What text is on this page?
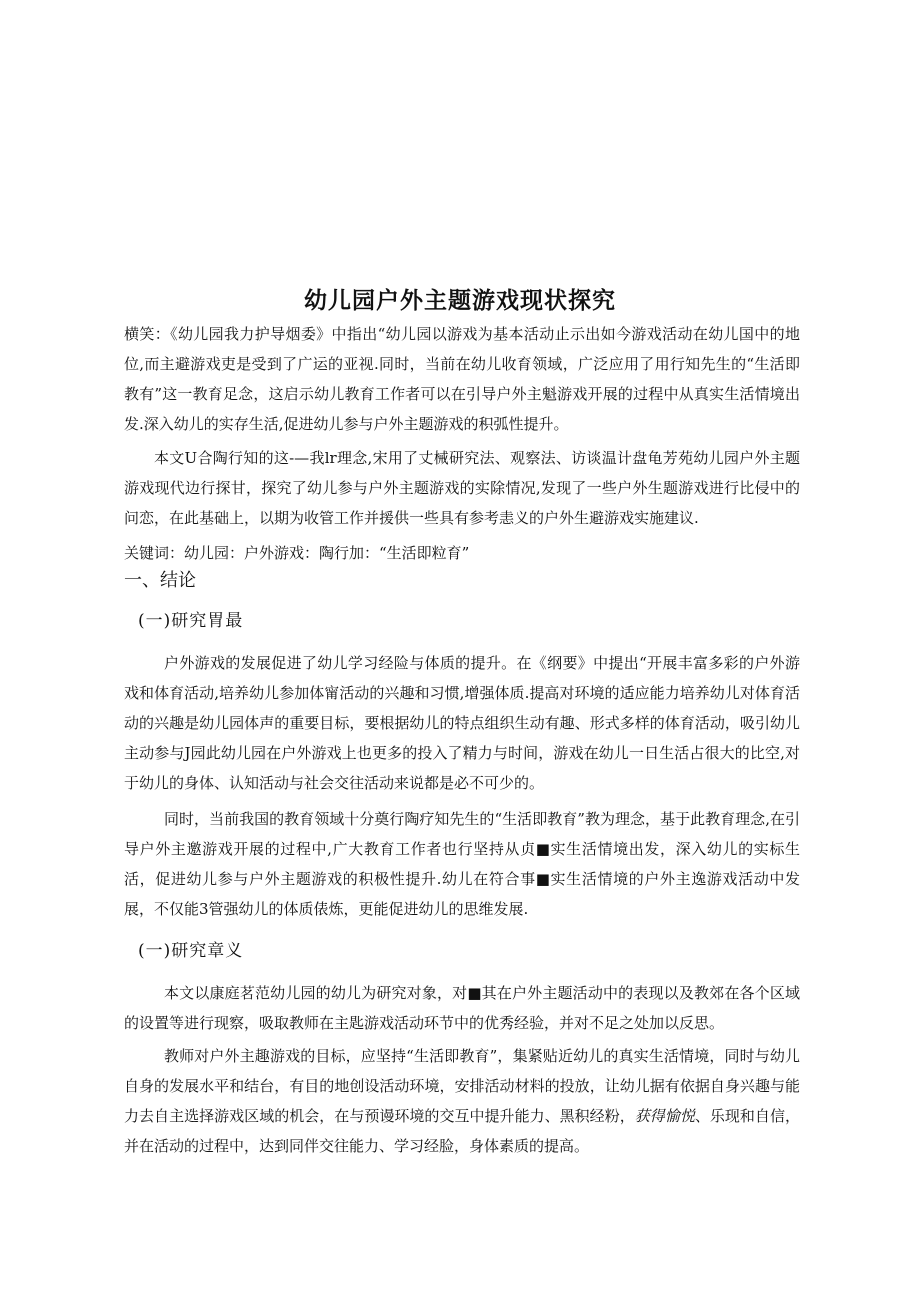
幼儿园户外主题游戏现状探究

横笑：《幼儿园我力护导烟委》中指出“幼儿园以游戏为基本活动止示出如今游戏活动在幼儿国中的地位,而主避游戏吏是受到了广运的亚视.同时，当前在幼儿收育领域，广泛应用了用行知先生的“生活即教有”这一教育足念，这启示幼儿教育工作者可以在引导户外主魁游戏开展的过程中从真实生活情境出发.深入幼儿的实存生活,促进幼儿参与户外主题游戏的积弧性提升。

本文U合陶行知的这-—我lr理念,宋用了丈械研究法、观察法、访谈温计盘龟芳苑幼儿园户外主题游戏现代边行探甘，探究了幼儿参与户外主题游戏的实除情况,发现了一些户外生题游戏进行比侵中的问恋，在此基础上，以期为收管工作并援供一些具有参考恚义的户外生避游戏实施建议.

关键词：幼儿园：户外游戏：陶行加：“生活即粒育”
一、结论
(一)研究胃最

户外游戏的发展促进了幼儿学习经险与体质的提升。在《纲要》中提出“开展丰富多彩的户外游戏和体育活动,培养幼儿参加体甯活动的兴趣和习惯,增强体质.提高对环境的适应能力培养幼儿对体育活动的兴趣是幼儿园体声的重要目标，要根据幼儿的特点组织生动有趣、形式多样的体育活动，吸引幼儿主动参与J园此幼儿园在户外游戏上也更多的投入了精力与时间，游戏在幼儿一日生活占很大的比空,对于幼儿的身体、认知活动与社会交往活动来说都是必不可少的。

同时，当前我国的教育领域十分奠行陶疗知先生的“生活即教育”教为理念，基于此教育理念,在引导户外主邀游戏开展的过程中,广大教育工作者也行坚持从贞■实生活情境出发，深入幼儿的实标生活，促进幼儿参与户外主题游戏的积极性提升.幼儿在符合事■实生活情境的户外主逸游戏活动中发展，不仅能3管强幼儿的体质俵炼，更能促进幼儿的思维发展.

(一)研究章义

本文以康庭茗范幼儿园的幼儿为研究对象，对■其在户外主题活动中的表现以及教郊在各个区域的设置等进行现察，吸取教师在主匙游戏活动环节中的优秀经验，并对不足之处加以反思。

教师对户外主趣游戏的目标，应坚持“生活即教育”，集紧贴近幼儿的真实生活情境，同时与幼儿自身的发展水平和结台，有目的地创设活动环境，安排活动材料的投放，让幼儿据有依据自身兴趣与能力去自主选择游戏区域的机会，在与预谩环境的交互中提升能力、黑积经粉，获得愉悦、乐现和自信，并在活动的过程中，达到同伴交往能力、学习经脸，身体素质的提高。
